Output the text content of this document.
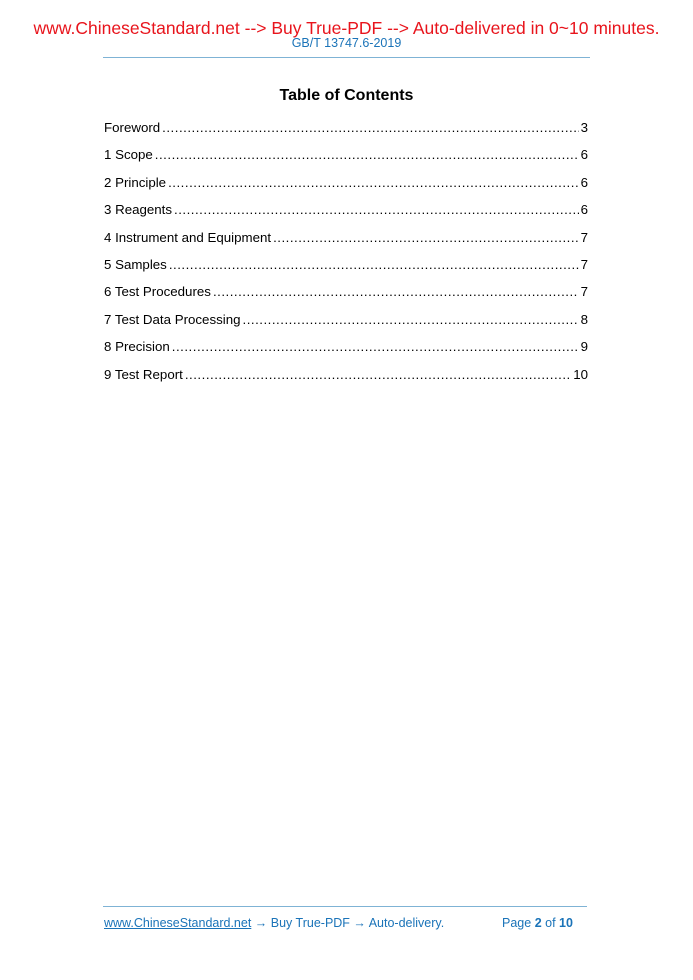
www.ChineseStandard.net --> Buy True-PDF --> Auto-delivered in 0~10 minutes.
GB/T 13747.6-2019
Table of Contents
Foreword .....	3
1 Scope .....	6
2 Principle .....	6
3 Reagents .....	6
4 Instrument and Equipment .....	7
5 Samples .....	7
6 Test Procedures .....	7
7 Test Data Processing .....	8
8 Precision .....	9
9 Test Report .....	10
www.ChineseStandard.net → Buy True-PDF → Auto-delivery.	Page 2 of 10
